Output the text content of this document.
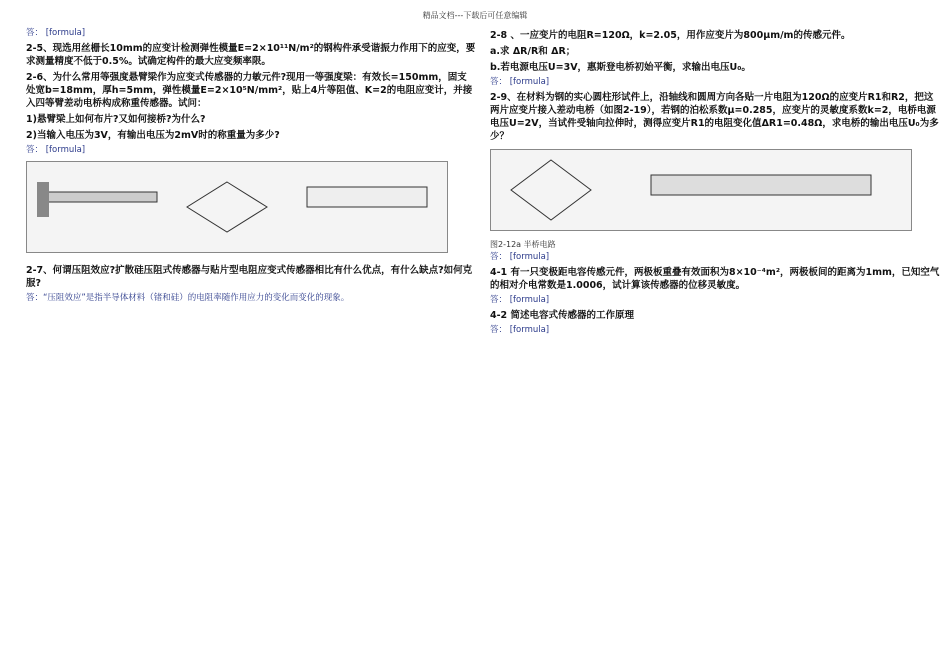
精品文档---下载后可任意编辑
答： [formula]
2-5、现选用丝栅长10mm的应变计检测弹性模量E=2×10¹¹N/m²的钢构件承受谐振力作用下的应变，要求测量精度不低于0.5%。试确定构件的最大应变频率限。
2-6、为什么常用等强度悬臂梁作为应变式传感器的力敏元件?现用一等强度梁：有效长=150mm，固支处宽b=18mm，厚h=5mm，弹性模量E=2×10⁵N/mm²，贴上4片等阻值、K=2的电阻应变计，并接入四等臂差动电桥构成称重传感器。试问：
1)悬臂梁上如何布片?又如何接桥?为什么?
2)当输入电压为3V，有输出电压为2mV时的称重量为多少?
答： [formula]
2-7、何谓压阻效应?扩散硅压阻式传感器与贴片型电阻应变式传感器相比有什么优点，有什么缺点?如何克服?
答：“压阻效应”是指半导体材料（锗和硅）的电阻率随作用应力的变化而变化的现象。
2-8 、一应变片的电阻R=120Ω，k=2.05，用作应变片为800μm/m的传感元件。
a.求 ΔR/R和 ΔR；
b.若电源电压U=3V，惠斯登电桥初始平衡，求输出电压U₀。
答： [formula]
2-9、在材料为钢的实心圆柱形试件上，沿轴线和圆周方向各贴一片电阻为120Ω的应变片R1和R2，把这两片应变片接入差动电桥（如图2-19），若钢的泊松系数μ=0.285，应变片的灵敏度系数k=2，电桥电源电压U=2V，当试件受轴向拉伸时，测得应变片R1的电阻变化值ΔR1=0.48Ω，求电桥的输出电压U₀为多少？
图2-12a 半桥电路
答： [formula]
4-1 有一只变极距电容传感元件，两极板重叠有效面积为8×10⁻⁴m²，两极板间的距离为1mm，已知空气的相对介电常数是1.0006，试计算该传感器的位移灵敏度。
答： [formula]
4-2 简述电容式传感器的工作原理
答： [formula]
